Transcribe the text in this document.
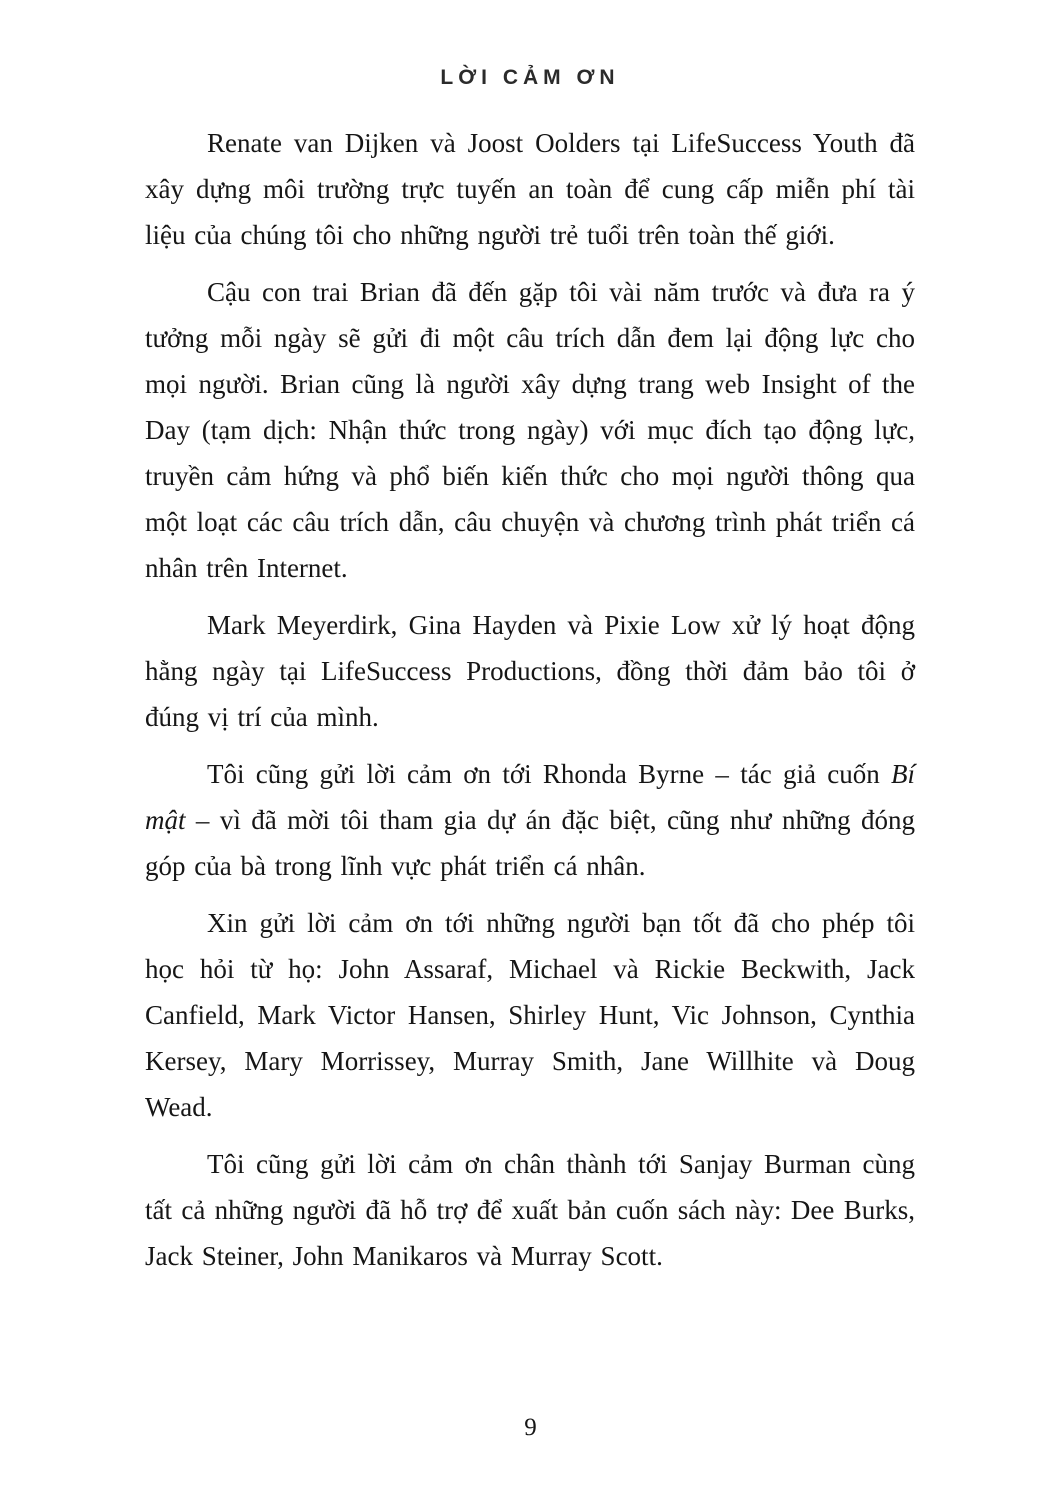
LỜI CẢM ƠN

Renate van Dijken và Joost Oolders tại LifeSuccess Youth đã xây dựng môi trường trực tuyến an toàn để cung cấp miễn phí tài liệu của chúng tôi cho những người trẻ tuổi trên toàn thế giới.

Cậu con trai Brian đã đến gặp tôi vài năm trước và đưa ra ý tưởng mỗi ngày sẽ gửi đi một câu trích dẫn đem lại động lực cho mọi người. Brian cũng là người xây dựng trang web Insight of the Day (tạm dịch: Nhận thức trong ngày) với mục đích tạo động lực, truyền cảm hứng và phổ biến kiến thức cho mọi người thông qua một loạt các câu trích dẫn, câu chuyện và chương trình phát triển cá nhân trên Internet.

Mark Meyerdirk, Gina Hayden và Pixie Low xử lý hoạt động hằng ngày tại LifeSuccess Productions, đồng thời đảm bảo tôi ở đúng vị trí của mình.

Tôi cũng gửi lời cảm ơn tới Rhonda Byrne – tác giả cuốn Bí mật – vì đã mời tôi tham gia dự án đặc biệt, cũng như những đóng góp của bà trong lĩnh vực phát triển cá nhân.

Xin gửi lời cảm ơn tới những người bạn tốt đã cho phép tôi học hỏi từ họ: John Assaraf, Michael và Rickie Beckwith, Jack Canfield, Mark Victor Hansen, Shirley Hunt, Vic Johnson, Cynthia Kersey, Mary Morrissey, Murray Smith, Jane Willhite và Doug Wead.

Tôi cũng gửi lời cảm ơn chân thành tới Sanjay Burman cùng tất cả những người đã hỗ trợ để xuất bản cuốn sách này: Dee Burks, Jack Steiner, John Manikaros và Murray Scott.

9
